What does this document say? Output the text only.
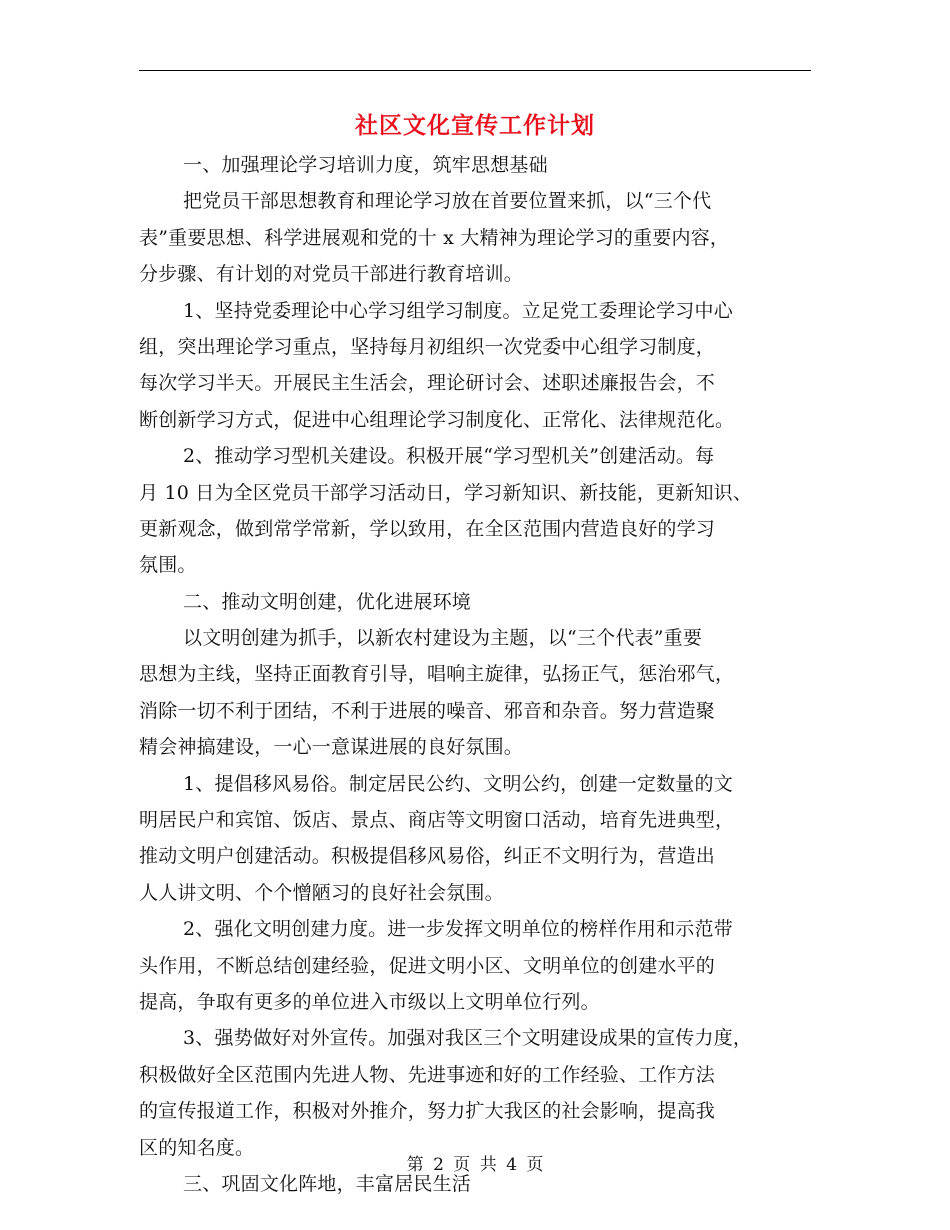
社区文化宣传工作计划
一、加强理论学习培训力度，筑牢思想基础
把党员干部思想教育和理论学习放在首要位置来抓，以“三个代
表”重要思想、科学进展观和党的十 x 大精神为理论学习的重要内容，
分步骤、有计划的对党员干部进行教育培训。
1、坚持党委理论中心学习组学习制度。立足党工委理论学习中心
组，突出理论学习重点，坚持每月初组织一次党委中心组学习制度，
每次学习半天。开展民主生活会，理论研讨会、述职述廉报告会，不
断创新学习方式，促进中心组理论学习制度化、正常化、法律规范化。
2、推动学习型机关建设。积极开展“学习型机关”创建活动。每
月 10 日为全区党员干部学习活动日，学习新知识、新技能，更新知识、
更新观念，做到常学常新，学以致用，在全区范围内营造良好的学习
氛围。
二、推动文明创建，优化进展环境
以文明创建为抓手，以新农村建设为主题，以“三个代表”重要
思想为主线，坚持正面教育引导，唱响主旋律，弘扬正气，惩治邪气，
消除一切不利于团结，不利于进展的噪音、邪音和杂音。努力营造聚
精会神搞建设，一心一意谋进展的良好氛围。
1、提倡移风易俗。制定居民公约、文明公约，创建一定数量的文
明居民户和宾馆、饭店、景点、商店等文明窗口活动，培育先进典型，
推动文明户创建活动。积极提倡移风易俗，纠正不文明行为，营造出
人人讲文明、个个憎陋习的良好社会氛围。
2、强化文明创建力度。进一步发挥文明单位的榜样作用和示范带
头作用，不断总结创建经验，促进文明小区、文明单位的创建水平的
提高，争取有更多的单位进入市级以上文明单位行列。
3、强势做好对外宣传。加强对我区三个文明建设成果的宣传力度，
积极做好全区范围内先进人物、先进事迹和好的工作经验、工作方法
的宣传报道工作，积极对外推介，努力扩大我区的社会影响，提高我
区的知名度。
三、巩固文化阵地，丰富居民生活
第 2 页 共 4 页
